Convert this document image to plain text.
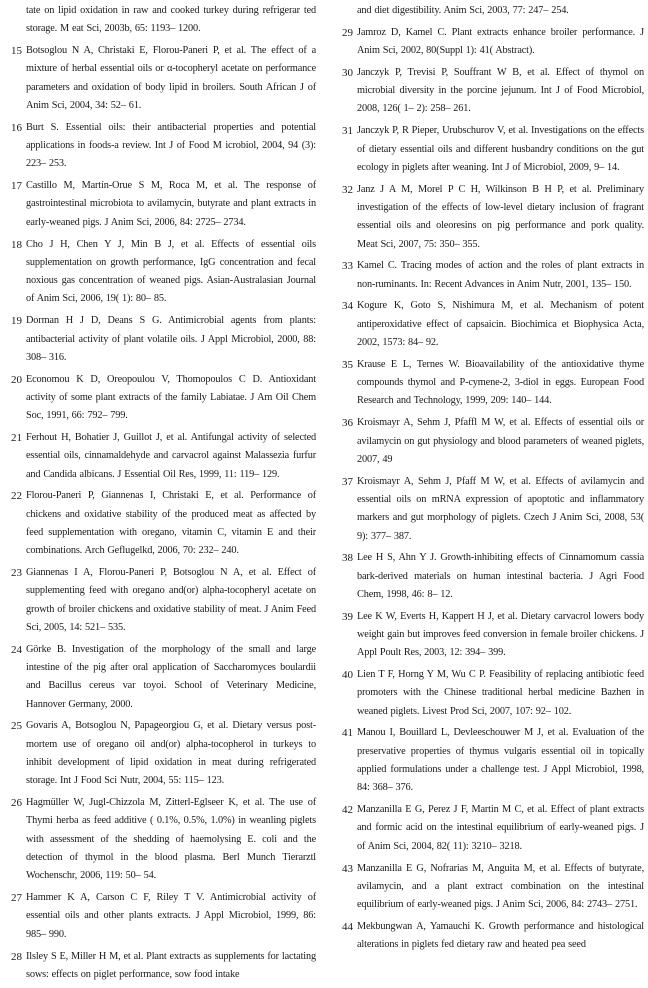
tate on lipid oxidation in raw and cooked turkey during refrigerar ted storage. M eat Sci, 2003b, 65: 1193– 1200.
15 Botsoglou N A, Christaki E, Florou-Paneri P, et al. The effect of a mixture of herbal essential oils or α-tocopheryl acetate on performance parameters and oxidation of body lipid in broilers. South African J of Anim Sci, 2004, 34: 52– 61.
16 Burt S. Essential oils: their antibacterial properties and potential applications in foods-a review. Int J of Food M icrobiol, 2004, 94 (3): 223– 253.
17 Castillo M, Martín-Orue S M, Roca M, et al. The response of gastrointestinal microbiota to avilamycin, butyrate and plant extracts in early-weaned pigs. J Anim Sci, 2006, 84: 2725– 2734.
18 Cho J H, Chen Y J, Min B J, et al. Effects of essential oils supplementation on growth performance, IgG concentration and fecal noxious gas concentration of weaned pigs. Asian-Australasian Journal of Anim Sci, 2006, 19( 1): 80– 85.
19 Dorman H J D, Deans S G. Antimicrobial agents from plants: antibacterial activity of plant volatile oils. J Appl Microbiol, 2000, 88: 308– 316.
20 Economou K D, Oreopoulou V, Thomopoulos C D. Antioxidant activity of some plant extracts of the family Labiatae. J Am Oil Chem Soc, 1991, 66: 792– 799.
21 Ferhout H, Bohatier J, Guillot J, et al. Antifungal activity of selected essential oils, cinnamaldehyde and carvacrol against Malassezia furfur and Candida albicans. J Essential Oil Res, 1999, 11: 119– 129.
22 Florou-Paneri P, Giannenas I, Christaki E, et al. Performance of chickens and oxidative stability of the produced meat as affected by feed supplementation with oregano, vitamin C, vitamin E and their combinations. Arch Geflugelkd, 2006, 70: 232– 240.
23 Giannenas I A, Florou-Paneri P, Botsoglou N A, et al. Effect of supplementing feed with oregano and(or) alpha-tocopheryl acetate on growth of broiler chickens and oxidative stability of meat. J Anim Feed Sci, 2005, 14: 521– 535.
24 Görke B. Investigation of the morphology of the small and large intestine of the pig after oral application of Saccharomyces boulardii and Bacillus cereus var toyoi. School of Veterinary Medicine, Hannover Germany, 2000.
25 Govaris A, Botsoglou N, Papageorgiou G, et al. Dietary versus post-mortem use of oregano oil and(or) alpha-tocopherol in turkeys to inhibit development of lipid oxidation in meat during refrigerated storage. Int J Food Sci Nutr, 2004, 55: 115– 123.
26 Hagmüller W, Jugl-Chizzola M, Zitterl-Eglseer K, et al. The use of Thymi herba as feed additive ( 0.1%, 0.5%, 1.0%) in weanling piglets with assessment of the shedding of haemolysing E. coli and the detection of thymol in the blood plasma. Berl Munch Tierarztl Wochenschr, 2006, 119: 50– 54.
27 Hammer K A, Carson C F, Riley T V. Antimicrobial activity of essential oils and other plants extracts. J Appl Microbiol, 1999, 86: 985– 990.
28 Ilsley S E, Miller H M, et al. Plant extracts as supplements for lactating sows: effects on piglet performance, sow food intake
and diet digestibility. Anim Sci, 2003, 77: 247– 254.
29 Jamroz D, Kamel C. Plant extracts enhance broiler performance. J Anim Sci, 2002, 80(Suppl 1): 41( Abstract).
30 Janczyk P, Trevisi P, Souffrant W B, et al. Effect of thymol on microbial diversity in the porcine jejunum. Int J of Food Microbiol, 2008, 126( 1– 2): 258– 261.
31 Janczyk P, R Pieper, Urubschurov V, et al. Investigations on the effects of dietary essential oils and different husbandry conditions on the gut ecology in piglets after weaning. Int J of Microbiol, 2009, 9– 14.
32 Janz J A M, Morel P C H, Wilkinson B H P, et al. Preliminary investigation of the effects of low-level dietary inclusion of fragrant essential oils and oleoresins on pig performance and pork quality. Meat Sci, 2007, 75: 350– 355.
33 Kamel C. Tracing modes of action and the roles of plant extracts in non-ruminants. In: Recent Advances in Anim Nutr, 2001, 135– 150.
34 Kogure K, Goto S, Nishimura M, et al. Mechanism of potent antiperoxidative effect of capsaicin. Biochimica et Biophysica Acta, 2002, 1573: 84– 92.
35 Krause E L, Ternes W. Bioavailability of the antioxidative thyme compounds thymol and P-cymene-2, 3-diol in eggs. European Food Research and Technology, 1999, 209: 140– 144.
36 Kroismayr A, Sehm J, Pfaffl M W, et al. Effects of essential oils or avilamycin on gut physiology and blood parameters of weaned piglets, 2007, 49
37 Kroismayr A, Sehm J, Pfaff M W, et al. Effects of avilamycin and essential oils on mRNA expression of apoptotic and inflammatory markers and gut morphology of piglets. Czech J Anim Sci, 2008, 53( 9): 377– 387.
38 Lee H S, Ahn Y J. Growth-inhibiting effects of Cinnamomum cassia bark-derived materials on human intestinal bacteria. J Agri Food Chem, 1998, 46: 8– 12.
39 Lee K W, Everts H, Kappert H J, et al. Dietary carvacrol lowers body weight gain but improves feed conversion in female broiler chickens. J Appl Poult Res, 2003, 12: 394– 399.
40 Lien T F, Horng Y M, Wu C P. Feasibility of replacing antibiotic feed promoters with the Chinese traditional herbal medicine Bazhen in weaned piglets. Livest Prod Sci, 2007, 107: 92– 102.
41 Manou I, Bouillard L, Devleeschouwer M J, et al. Evaluation of the preservative properties of thymus vulgaris essential oil in topically applied formulations under a challenge test. J Appl Microbiol, 1998, 84: 368– 376.
42 Manzanilla E G, Perez J F, Martin M C, et al. Effect of plant extracts and formic acid on the intestinal equilibrium of early-weaned pigs. J of Anim Sci, 2004, 82( 11): 3210– 3218.
43 Manzanilla E G, Nofrarias M, Anguita M, et al. Effects of butyrate, avilamycin, and a plant extract combination on the intestinal equilibrium of early-weaned pigs. J Anim Sci, 2006, 84: 2743– 2751.
44 Mekbungwan A, Yamauchi K. Growth performance and histological alterations in piglets fed dietary raw and heated pea seed
